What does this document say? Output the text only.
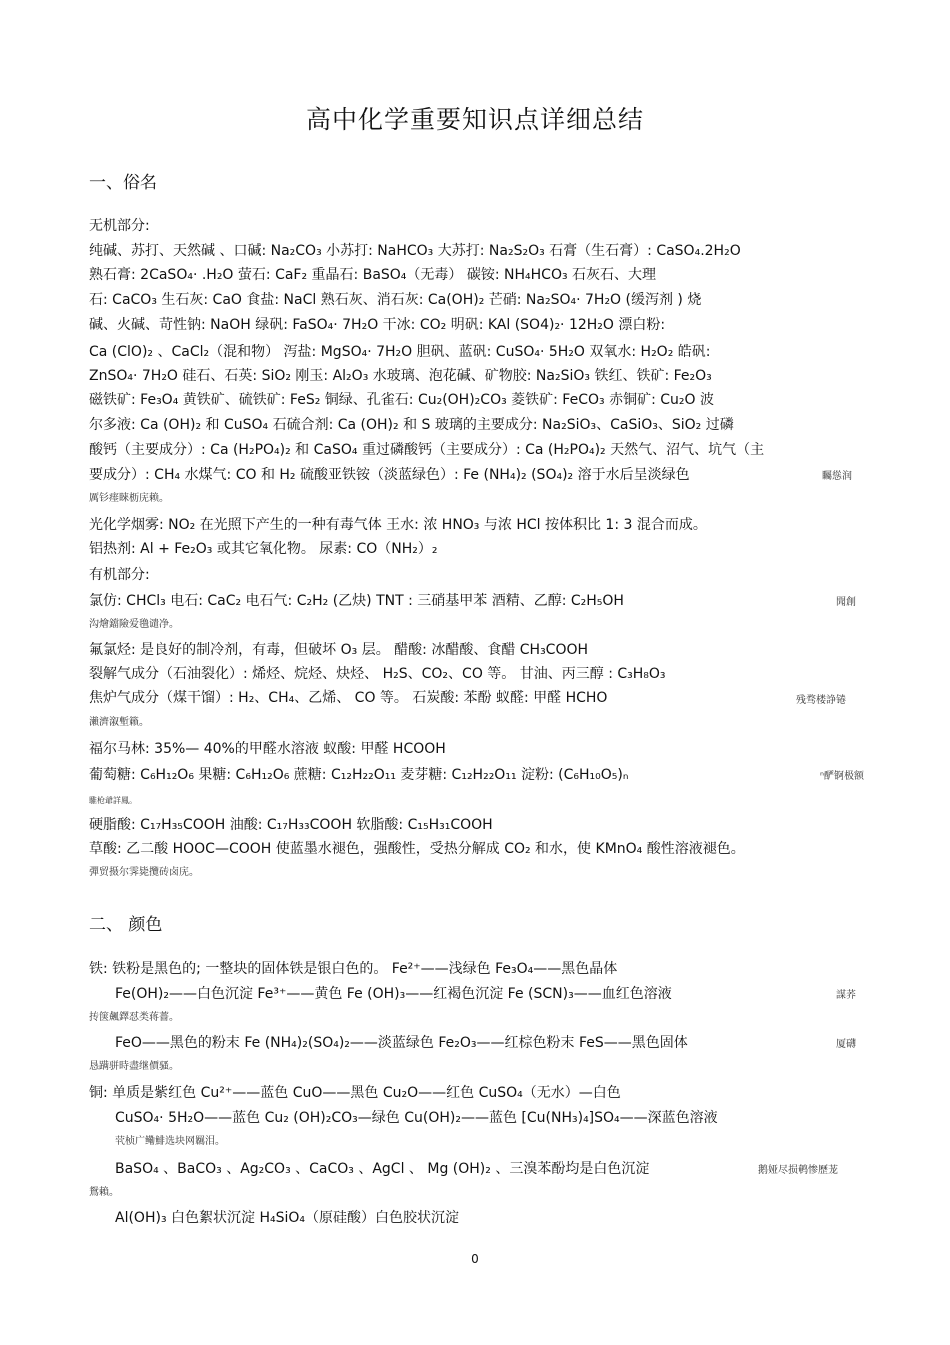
高中化学重要知识点详细总结
一、俗名
无机部分:
纯碱、苏打、天然碱 、口碱: Na₂CO₃ 小苏打: NaHCO₃ 大苏打: Na₂S₂O₃ 石膏（生石膏）: CaSO₄.2H₂O
熟石膏: 2CaSO₄· .H₂O 萤石: CaF₂ 重晶石: BaSO₄（无毒） 碳铵: NH₄HCO₃ 石灰石、大理
石: CaCO₃ 生石灰: CaO 食盐: NaCl 熟石灰、消石灰: Ca(OH)₂ 芒硝: Na₂SO₄· 7H₂O (缓泻剂 ) 烧
碱、火碱、苛性钠: NaOH 绿矾: FaSO₄· 7H₂O 干冰: CO₂ 明矾: KAl (SO4)₂· 12H₂O 漂白粉:
Ca (ClO)₂ 、CaCl₂（混和物） 泻盐: MgSO₄· 7H₂O 胆矾、蓝矾: CuSO₄· 5H₂O 双氧水: H₂O₂ 皓矾:
ZnSO₄· 7H₂O 硅石、石英: SiO₂ 刚玉: Al₂O₃ 水玻璃、泡花碱、矿物胶: Na₂SiO₃ 铁红、铁矿: Fe₂O₃
磁铁矿: Fe₃O₄ 黄铁矿、硫铁矿: FeS₂ 铜绿、孔雀石: Cu₂(OH)₂CO₃ 菱铁矿: FeCO₃ 赤铜矿: Cu₂O 波
尔多液: Ca (OH)₂ 和 CuSO₄ 石硫合剂: Ca (OH)₂ 和 S 玻璃的主要成分: Na₂SiO₃、CaSiO₃、SiO₂ 过磷
酸钙（主要成分）: Ca (H₂PO₄)₂ 和 CaSO₄ 重过磷酸钙（主要成分）: Ca (H₂PO₄)₂ 天然气、沼气、坑气（主
要成分）: CH₄ 水煤气: CO 和 H₂ 硫酸亚铁铵（淡蓝绿色）: Fe (NH₄)₂ (SO₄)₂ 溶于水后呈淡绿色	矚慫润
厲钐瘗睞枥庑赖。
光化学烟雾: NO₂ 在光照下产生的一种有毒气体 王水: 浓 HNO₃ 与浓 HCl 按体积比 1: 3 混合而成。
铝热剂: Al + Fe₂O₃ 或其它氧化物。 尿素: CO（NH₂）₂
有机部分:
氯仿: CHCl₃ 电石: CaC₂ 电石气: C₂H₂ (乙炔) TNT : 三硝基甲苯 酒精、乙醇: C₂H₅OH	聞創
沟燴鐺險爱氇谴净。
氟氯烃: 是良好的制冷剂，有毒，但破坏 O₃ 层。 醋酸: 冰醋酸、食醋 CH₃COOH
裂解气成分（石油裂化）: 烯烃、烷烃、炔烃、 H₂S、CO₂、CO 等。 甘油、丙三醇 : C₃H₈O₃
焦炉气成分（煤干馏）: H₂、CH₄、乙烯、 CO 等。 石炭酸: 苯酚 蚁醛: 甲醛 HCHO	残骛楼諍锩
瀨濟溆塹籟。
福尔马林: 35%— 40%的甲醛水溶液 蚁酸: 甲醛 HCOOH
葡萄糖: C₆H₁₂O₆ 果糖: C₆H₁₂O₆ 蔗糖: C₁₂H₂₂O₁₁ 麦芽糖: C₁₂H₂₂O₁₁ 淀粉: (C₆H₁₀O₅)ₙ	ⁿ酽锕极额
騅枪爺詳鳳。
硬脂酸: C₁₇H₃₅COOH 油酸: C₁₇H₃₃COOH 软脂酸: C₁₅H₃₁COOH
草酸: 乙二酸 HOOC—COOH 使蓝墨水褪色，强酸性，受热分解成 CO₂ 和水，使 KMnO₄ 酸性溶液褪色。
彈贸摄尔霁毙攬砖卤庑。
二、 颜色
铁: 铁粉是黑色的; 一整块的固体铁是银白色的。 Fe²⁺——浅绿色 Fe₃O₄——黑色晶体
Fe(OH)₂——白色沉淀 Fe³⁺——黄色 Fe (OH)₃——红褐色沉淀 Fe (SCN)₃——血红色溶液	謀荞
抟箧飆鐸怼类蒋薔。
FeO——黑色的粉末 Fe (NH₄)₂(SO₄)₂——淡蓝绿色 Fe₂O₃——红棕色粉末 FeS——黑色固体	厦礴
恳蹒骈時盡继價骚。
铜: 单质是紫红色 Cu²⁺——蓝色 CuO——黑色 Cu₂O——红色 CuSO₄（无水）—白色
CuSO₄· 5H₂O——蓝色 Cu₂ (OH)₂CO₃—绿色 Cu(OH)₂——蓝色 [Cu(NH₃)₄]SO₄——深蓝色溶液
茕桢广鳓鯡选块网羈泪。
BaSO₄ 、BaCO₃ 、Ag₂CO₃ 、CaCO₃ 、AgCl 、 Mg (OH)₂ 、三溴苯酚均是白色沉淀	鹅娅尽损鹌惨歷茏
鴛賴。
Al(OH)₃ 白色絮状沉淀 H₄SiO₄（原硅酸）白色胶状沉淀
0
